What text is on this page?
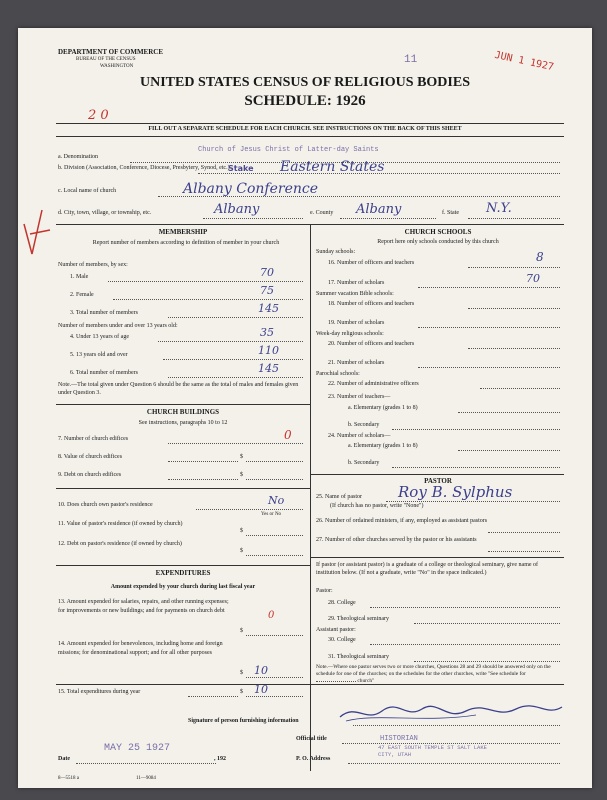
DEPARTMENT OF COMMERCE
BUREAU OF THE CENSUS
WASHINGTON
11	JUN 1 1927
UNITED STATES CENSUS OF RELIGIOUS BODIES
SCHEDULE: 1926
2 0
FILL OUT A SEPARATE SCHEDULE FOR EACH CHURCH. SEE INSTRUCTIONS ON THE BACK OF THIS SHEET
a. Denomination
Church of Jesus Christ of Latter-day Saints
b. Division (Association, Conference, Diocese, Presbytery, Synod, etc.)
Stake Eastern States
c. Local name of church	Albany Conference
d. City, town, village, or township, etc.	Albany	e. County Albany	f. State N.Y.
MEMBERSHIP
Report number of members according to definition of member in your church
Number of members, by sex:
1. Male	70
2. Female	75
3. Total number of members	145
Number of members under and over 13 years old:
4. Under 13 years of age	35
5. 13 years old and over	110
6. Total number of members	145
Note.—The total given under Question 6 should be the same as the total of males and females given under Question 3.
CHURCH BUILDINGS
See instructions, paragraphs 10 to 12
7. Number of church edifices	0
8. Value of church edifices	$
9. Debt on church edifices	$
10. Does church own pastor's residence	No
Yes or No
11. Value of pastor's residence (if owned by church)
$
12. Debt on pastor's residence (if owned by church)
$
EXPENDITURES
Amount expended by your church during last fiscal year
13. Amount expended for salaries, repairs, and other running expenses; for improvements or new buildings; and for payments on church debt
$
0
14. Amount expended for benevolences, including home and foreign missions; for denominational support; and for all other purposes
$ 10
15. Total expenditures during year	$ 10
CHURCH SCHOOLS
Report here only schools conducted by this church
Sunday schools:
16. Number of officers and teachers	8
17. Number of scholars	70
Summer vacation Bible schools:
18. Number of officers and teachers
19. Number of scholars
Week-day religious schools:
20. Number of officers and teachers
21. Number of scholars
Parochial schools:
22. Number of administrative officers
23. Number of teachers—
a. Elementary (grades 1 to 8)
b. Secondary
24. Number of scholars—
a. Elementary (grades 1 to 8)
b. Secondary
PASTOR
25. Name of pastor Roy B. Sylphus
(If church has no pastor, write "None")
26. Number of ordained ministers, if any, employed as assistant pastors
27. Number of other churches served by the pastor or his assistants
If pastor (or assistant pastor) is a graduate of a college or theological seminary, give name of institution below. (If not a graduate, write "No" in the space indicated.)
Pastor:
28. College
29. Theological seminary
Assistant pastor:
30. College
31. Theological seminary
Note.—Where one pastor serves two or more churches, Questions 28 and 29 should be answered only on the schedule for one of the churches; on the schedules for the other churches, write "See schedule for  church"
Signature of person furnishing information
Official title	HISTORIAN
Date
MAY 25 1927
, 192	P. O. Address
47 EAST SOUTH TEMPLE ST SALT LAKE CITY, UTAH
8—5518 a	11—9084
